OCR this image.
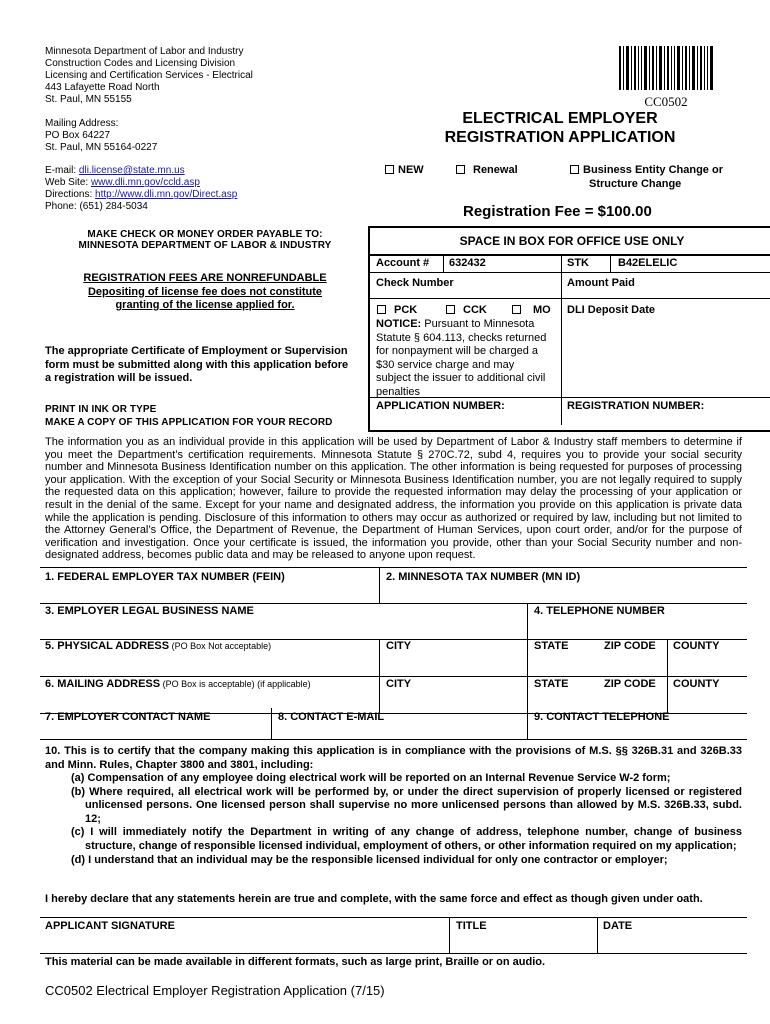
Minnesota Department of Labor and Industry
Construction Codes and Licensing Division
Licensing and Certification Services - Electrical
443 Lafayette Road North
St. Paul, MN 55155
Mailing Address:
PO Box 64227
St. Paul, MN 55164-0227
E-mail: dli.license@state.mn.us
Web Site: www.dli.mn.gov/ccld.asp
Directions: http://www.dli.mn.gov/Direct.asp
Phone: (651) 284-5034
CC0502
ELECTRICAL EMPLOYER
REGISTRATION APPLICATION
NEW	Renewal	Business Entity Change or
Structure Change
Registration Fee = $100.00
MAKE CHECK OR MONEY ORDER PAYABLE TO:
MINNESOTA DEPARTMENT OF LABOR & INDUSTRY
REGISTRATION FEES ARE NONREFUNDABLE
Depositing of license fee does not constitute
granting of the license applied for.
The appropriate Certificate of Employment or Supervision
form must be submitted along with this application before
a registration will be issued.
PRINT IN INK OR TYPE
MAKE A COPY OF THIS APPLICATION FOR YOUR RECORD
SPACE IN BOX FOR OFFICE USE ONLY
Account # 632432	STK	B42ELELIC
Check Number	Amount Paid
PCK	CCK	MO DLI Deposit Date
NOTICE: Pursuant to Minnesota
Statute § 604.113, checks returned
for nonpayment will be charged a
$30 service charge and may
subject the issuer to additional civil
penalties
APPLICATION NUMBER:	REGISTRATION NUMBER:
The information you as an individual provide in this application will be used by Department of Labor & Industry staff members to determine if you meet the Department’s certification requirements. Minnesota Statute § 270C.72, subd 4, requires you to provide your social security number and Minnesota Business Identification number on this application. The other information is being requested for purposes of processing your application. With the exception of your Social Security or Minnesota Business Identification number, you are not legally required to supply the requested data on this application; however, failure to provide the requested information may delay the processing of your application or result in the denial of the same. Except for your name and designated address, the information you provide on this application is private data while the application is pending. Disclosure of this information to others may occur as authorized or required by law, including but not limited to the Attorney General’s Office, the Department of Revenue, the Department of Human Services, upon court order, and/or for the purpose of verification and investigation. Once your certificate is issued, the information you provide, other than your Social Security number and non-designated address, becomes public data and may be released to anyone upon request.
1. FEDERAL EMPLOYER TAX NUMBER (FEIN)	2. MINNESOTA TAX NUMBER (MN ID)
3. EMPLOYER LEGAL BUSINESS NAME	4. TELEPHONE NUMBER
5. PHYSICAL ADDRESS (PO Box Not acceptable)	CITY	STATE	ZIP CODE COUNTY
6. MAILING ADDRESS (PO Box is acceptable) (if applicable)	CITY	STATE	ZIP CODE COUNTY
7. EMPLOYER CONTACT NAME	8. CONTACT E-MAIL	9. CONTACT TELEPHONE
10. This is to certify that the company making this application is in compliance with the provisions of M.S. §§ 326B.31 and 326B.33 and Minn. Rules, Chapter 3800 and 3801, including:
(a) Compensation of any employee doing electrical work will be reported on an Internal Revenue Service W-2 form;
(b) Where required, all electrical work will be performed by, or under the direct supervision of properly licensed or registered unlicensed persons. One licensed person shall supervise no more unlicensed persons than allowed by M.S. 326B.33, subd. 12;
(c) I will immediately notify the Department in writing of any change of address, telephone number, change of business structure, change of responsible licensed individual, employment of others, or other information required on my application;
(d) I understand that an individual may be the responsible licensed individual for only one contractor or employer;
I hereby declare that any statements herein are true and complete, with the same force and effect as though given under oath.
APPLICANT SIGNATURE	TITLE	DATE
This material can be made available in different formats, such as large print, Braille or on audio.
CC0502 Electrical Employer Registration Application (7/15)
